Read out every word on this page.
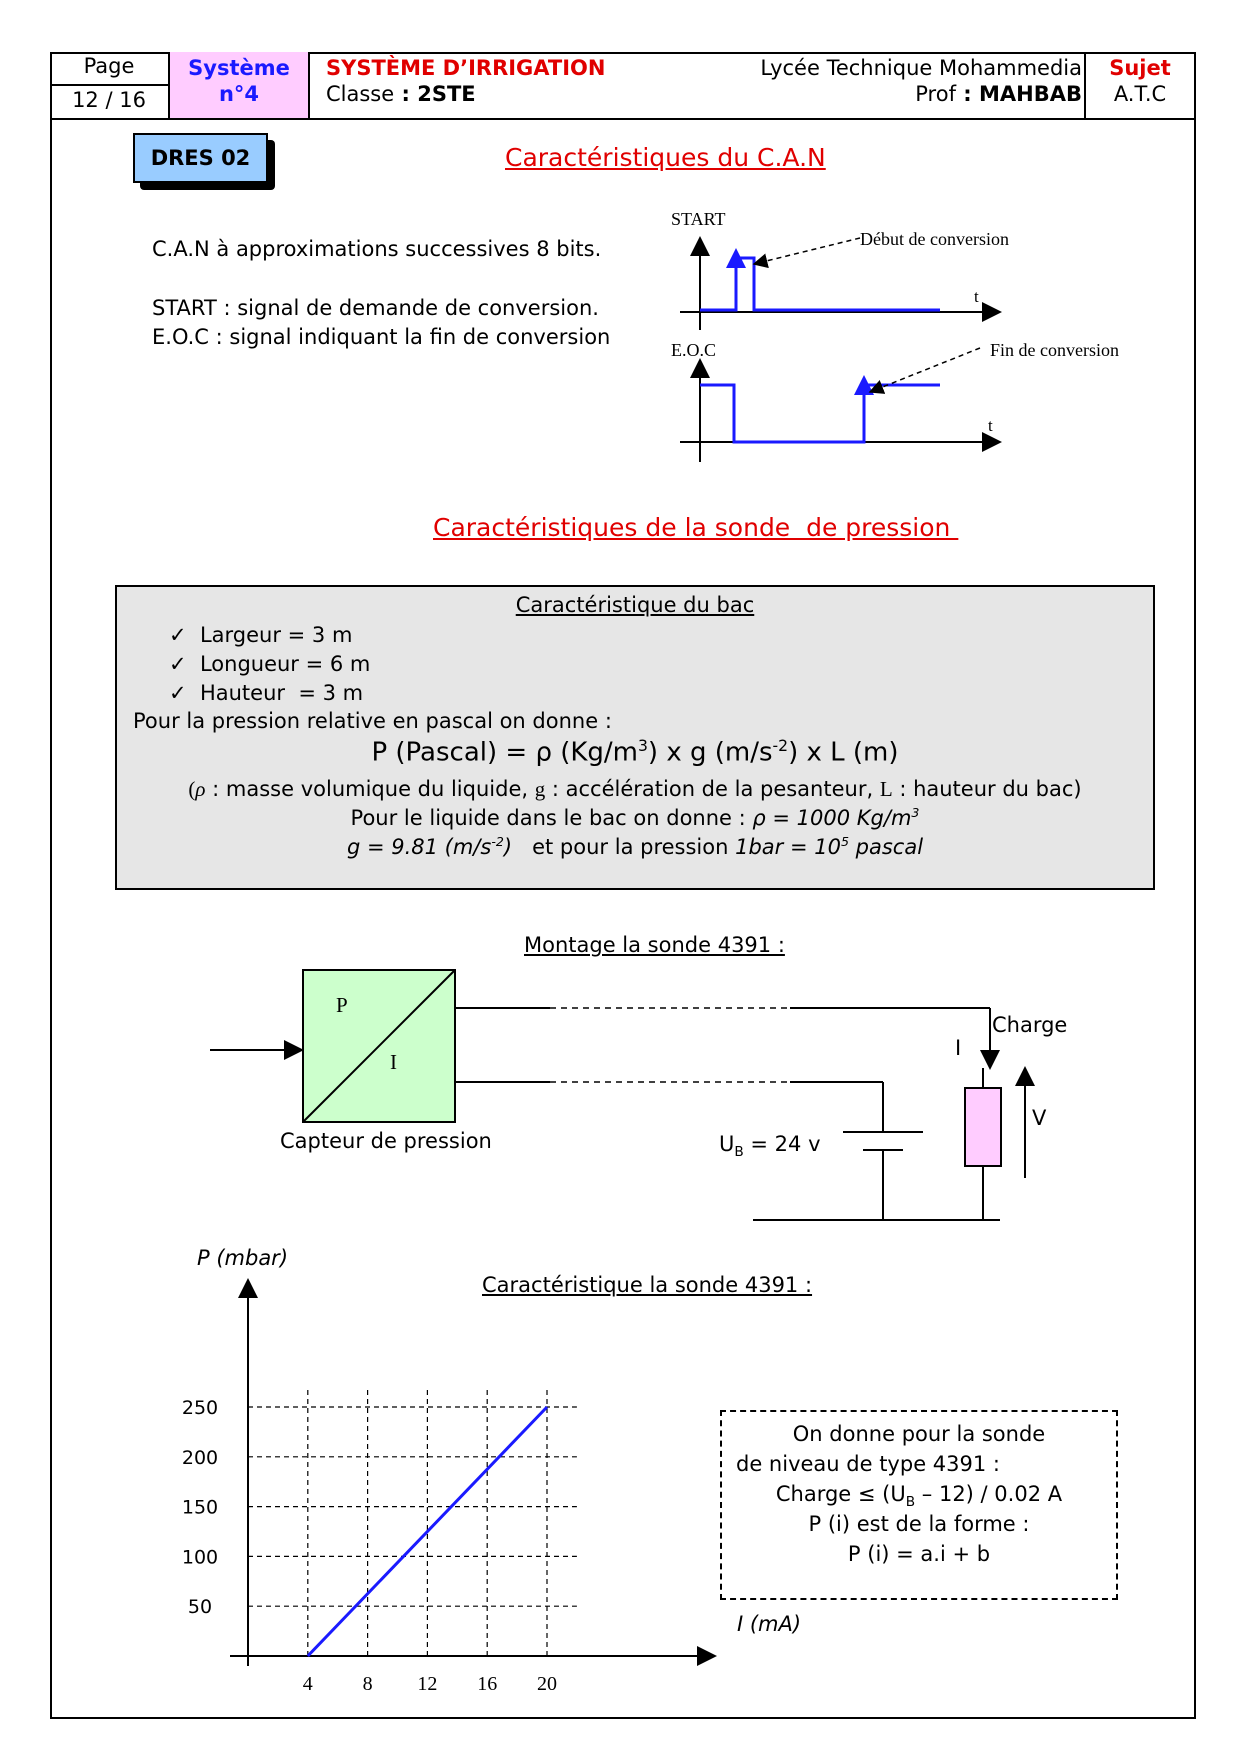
Page
12 / 16
Système
n°4
SYSTÈME D’IRRIGATION
Classe : 2STE
Lycée Technique Mohammedia
Prof : MAHBAB
Sujet
A.T.C
DRES 02	Caractéristiques du C.A.N
C.A.N à approximations successives 8 bits.
START : signal de demande de conversion.
E.O.C : signal indiquant la fin de conversion
START
Début de conversion
t
E.O.C	Fin de conversion
t
Caractéristiques de la sonde  de pression
Caractéristique du bac
✓  Largeur = 3 m
✓  Longueur = 6 m
✓  Hauteur  = 3 m
Pour la pression relative en pascal on donne :
P (Pascal) = ρ $(Kg/m^3)$ x g $(m/s^{-2})$ x L (m)
(ρ : masse volumique du liquide, g : accélération de la pesanteur, L : hauteur du bac)
Pour le liquide dans le bac on donne : ρ = 1000 $Kg/m^3$
g = 9.81 $(m/s^{-2})$   et pour la pression $1bar = 10^5$ pascal
Montage la sonde 4391 :
P
I
Capteur de pression
Charge
I
V
$U_B = 24$ v
P (mbar)
Caractéristique la sonde 4391 :
I (mA)
4 8 12 16 20
50
100
150
200
250
On donne pour la sonde
de niveau de type 4391 :
Charge ≤ $(U_B - 12) / 0.02$ A
P (i) est de la forme :
P (i) = a.i + b
